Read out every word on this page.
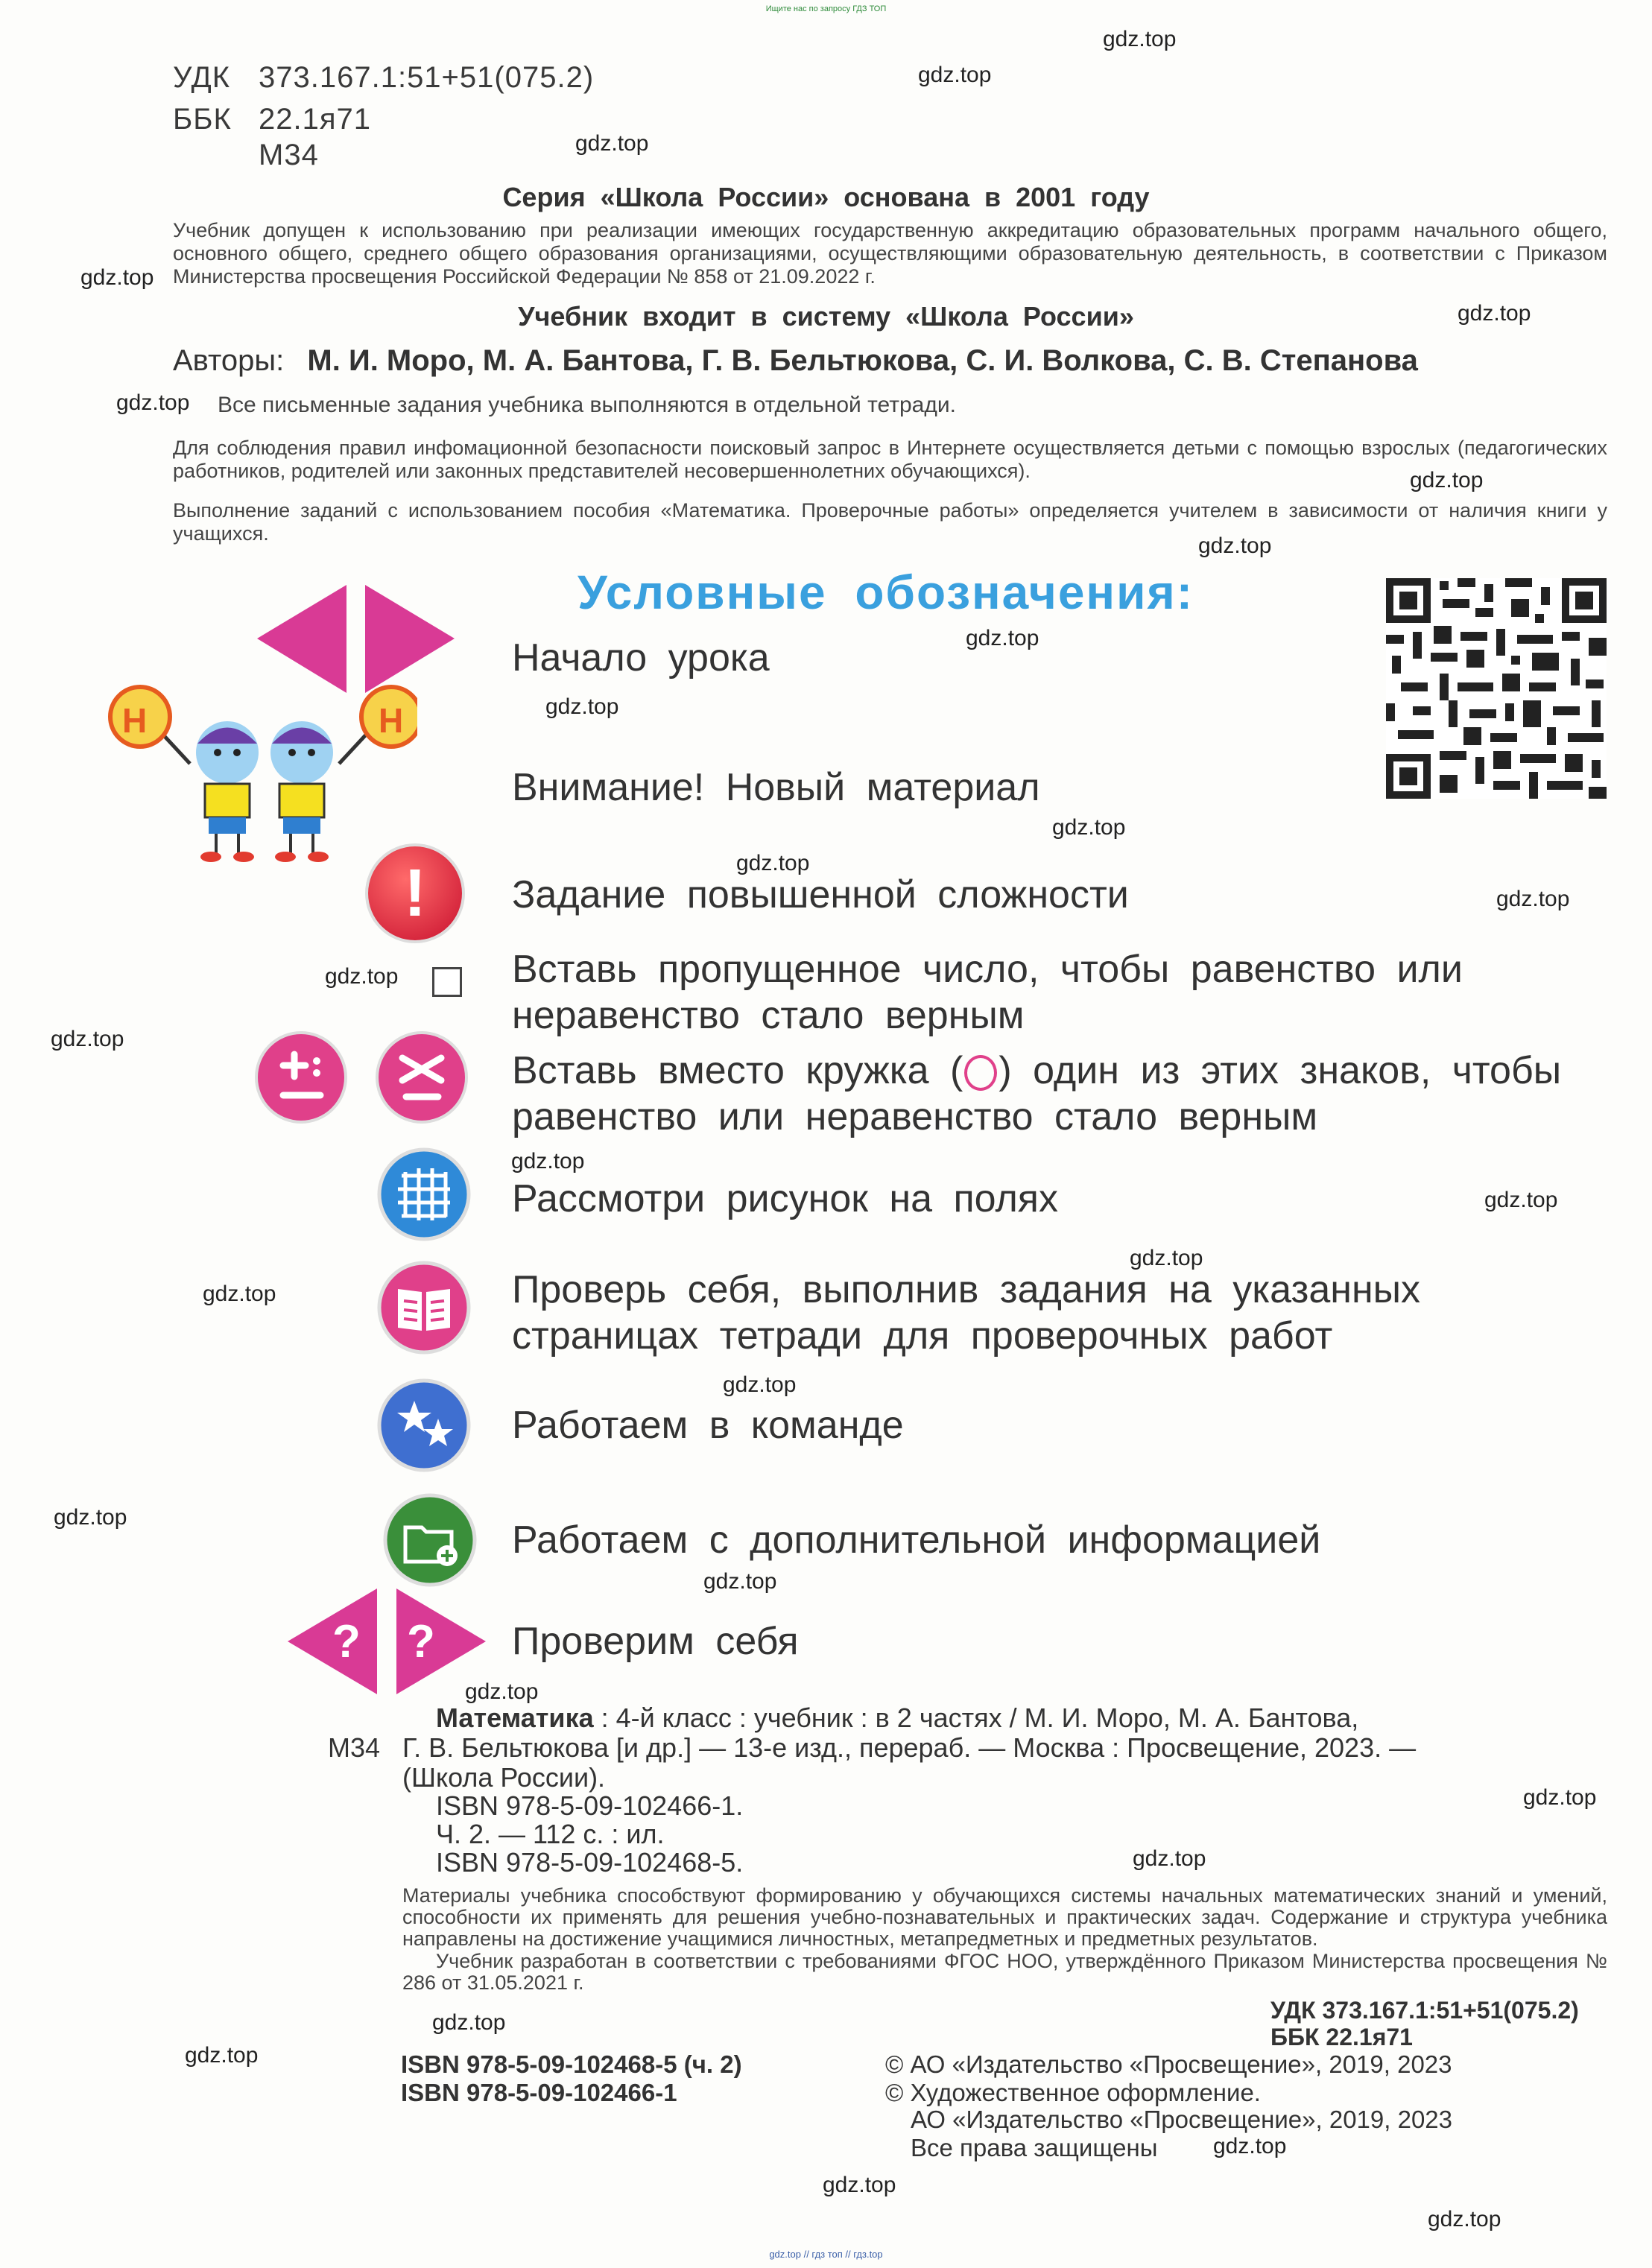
Ищите нас по запросу ГДЗ ТОП
УДК 373.167.1:51+51(075.2)
ББК 22.1я71
М34
Серия «Школа России» основана в 2001 году
Учебник допущен к использованию при реализации имеющих государственную аккредитацию образовательных программ начального общего, основного общего, среднего общего образования организациями, осуществляющими образовательную деятельность, в соответствии с Приказом Министерства просвещения Российской Федерации № 858 от 21.09.2022 г.
Учебник входит в систему «Школа России»
Авторы: М. И. Моро, М. А. Бантова, Г. В. Бельтюкова, С. И. Волкова, С. В. Степанова
Все письменные задания учебника выполняются в отдельной тетради.
Для соблюдения правил инфомационной безопасности поисковый запрос в Интернете осуществляется детьми с помощью взрослых (педагогических работников, родителей или законных представителей несовершеннолетних обучающихся).
Выполнение заданий с использованием пособия «Математика. Проверочные работы» определяется учителем в зависимости от наличия книги у учащихся.
Условные обозначения:
Начало урока
Н	Н
Внимание! Новый материал
!	Задание повышенной сложности
Вставь пропущенное число, чтобы равенство или неравенство стало верным
Вставь вместо кружка ( ) один из этих знаков, чтобы равенство или неравенство стало верным
Рассмотри рисунок на полях
Проверь себя, выполнив задания на указанных страницах тетради для проверочных работ
Работаем в команде
Работаем с дополнительной информацией
? ? Проверим себя
Математика : 4-й класс : учебник : в 2 частях / М. И. Моро, М. А. Бантова,
М34 Г. В. Бельтюкова [и др.] — 13-е изд., перераб. — Москва : Просвещение, 2023. —
(Школа России).
ISBN 978-5-09-102466-1.
Ч. 2. — 112 с. : ил.
ISBN 978-5-09-102468-5.
Материалы учебника способствуют формированию у обучающихся системы начальных математических знаний и умений, способности их применять для решения учебно-познавательных и практических задач. Содержание и структура учебника направлены на достижение учащимися личностных, метапредметных и предметных результатов.
Учебник разработан в соответствии с требованиями ФГОС НОО, утверждённого Приказом Министерства просвещения № 286 от 31.05.2021 г.
УДК 373.167.1:51+51(075.2)
ББК 22.1я71
ISBN 978-5-09-102468-5 (ч. 2)
ISBN 978-5-09-102466-1
© АО «Издательство «Просвещение», 2019, 2023
© Художественное оформление.
АО «Издательство «Просвещение», 2019, 2023
Все права защищены
gdz.top // гдз топ // гдз.top
gdz.top
gdz.top
gdz.top
gdz.top
gdz.top
gdz.top
gdz.top
gdz.top
gdz.top
gdz.top
gdz.top
gdz.top
gdz.top
gdz.top
gdz.top
gdz.top
gdz.top
gdz.top
gdz.top
gdz.top
gdz.top
gdz.top
gdz.top
gdz.top
gdz.top
gdz.top
gdz.top
gdz.top
gdz.top
gdz.top
